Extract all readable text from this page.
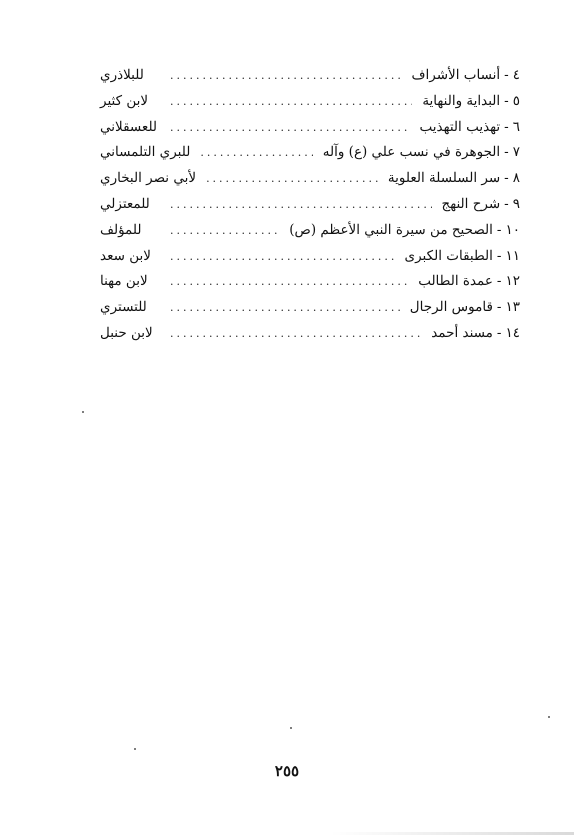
٤
-
أنساب الأشراف
.....
للبلاذري
٥
-
البداية والنهاية
.....
لابن كثير
٦
-
تهذيب التهذيب
.....
للعسقلاني
٧
-
الجوهرة في نسب علي (ع) وآله
.....
للبري التلمساني
٨
-
سر السلسلة العلوية
.....
لأبي نصر البخاري
٩
-
شرح النهج
.....
للمعتزلي
١٠
-
الصحيح من سيرة النبي الأعظم (ص)
.....
للمؤلف
١١
-
الطبقات الكبرى
.....
لابن سعد
١٢
-
عمدة الطالب
.....
لابن مهنا
١٣
-
قاموس الرجال
.....
للتستري
١٤
-
مسند أحمد
.....
لابن حنبل
٢٥٥
